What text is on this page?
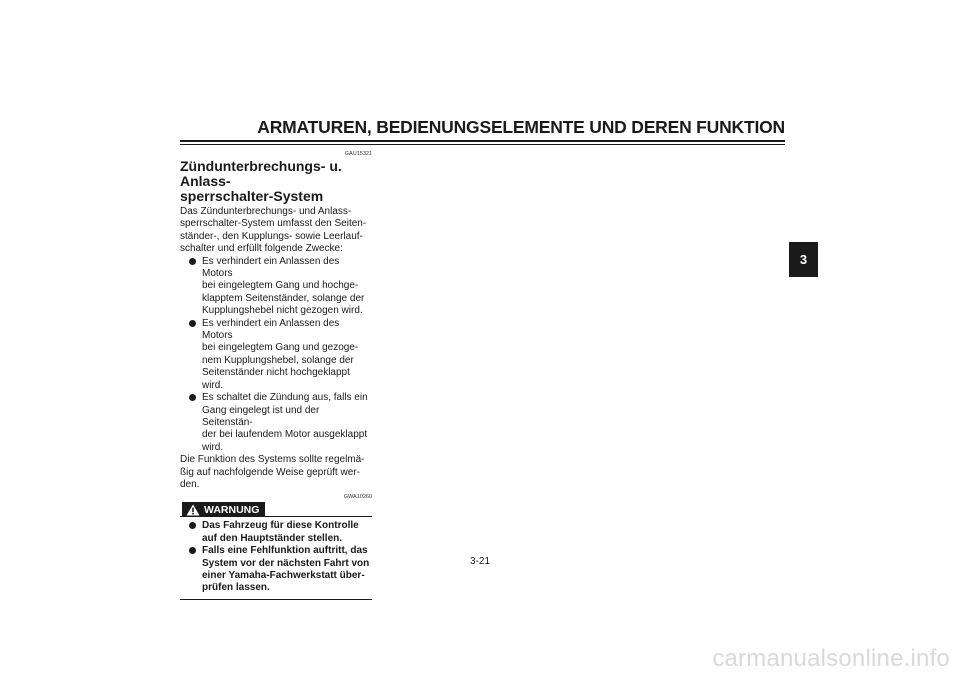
ARMATUREN, BEDIENUNGSELEMENTE UND DEREN FUNKTION
3
GAU15321
Zündunterbrechungs- u. Anlass-
sperrschalter-System
Das Zündunterbrechungs- und Anlass-
sperrschalter-System umfasst den Seiten-
ständer-, den Kupplungs- sowie Leerlauf-
schalter und erfüllt folgende Zwecke:
Es verhindert ein Anlassen des Motors
bei eingelegtem Gang und hochge-
klapptem Seitenständer, solange der
Kupplungshebel nicht gezogen wird.
Es verhindert ein Anlassen des Motors
bei eingelegtem Gang und gezoge-
nem Kupplungshebel, solange der
Seitenständer nicht hochgeklappt
wird.
Es schaltet die Zündung aus, falls ein
Gang eingelegt ist und der Seitenstän-
der bei laufendem Motor ausgeklappt
wird.
Die Funktion des Systems sollte regelmä-
ßig auf nachfolgende Weise geprüft wer-
den.
GWA10260
WARNUNG
Das Fahrzeug für diese Kontrolle
auf den Hauptständer stellen.
Falls eine Fehlfunktion auftritt, das
System vor der nächsten Fahrt von
einer Yamaha-Fachwerkstatt über-
prüfen lassen.
3-21
carmanualsonline.info
